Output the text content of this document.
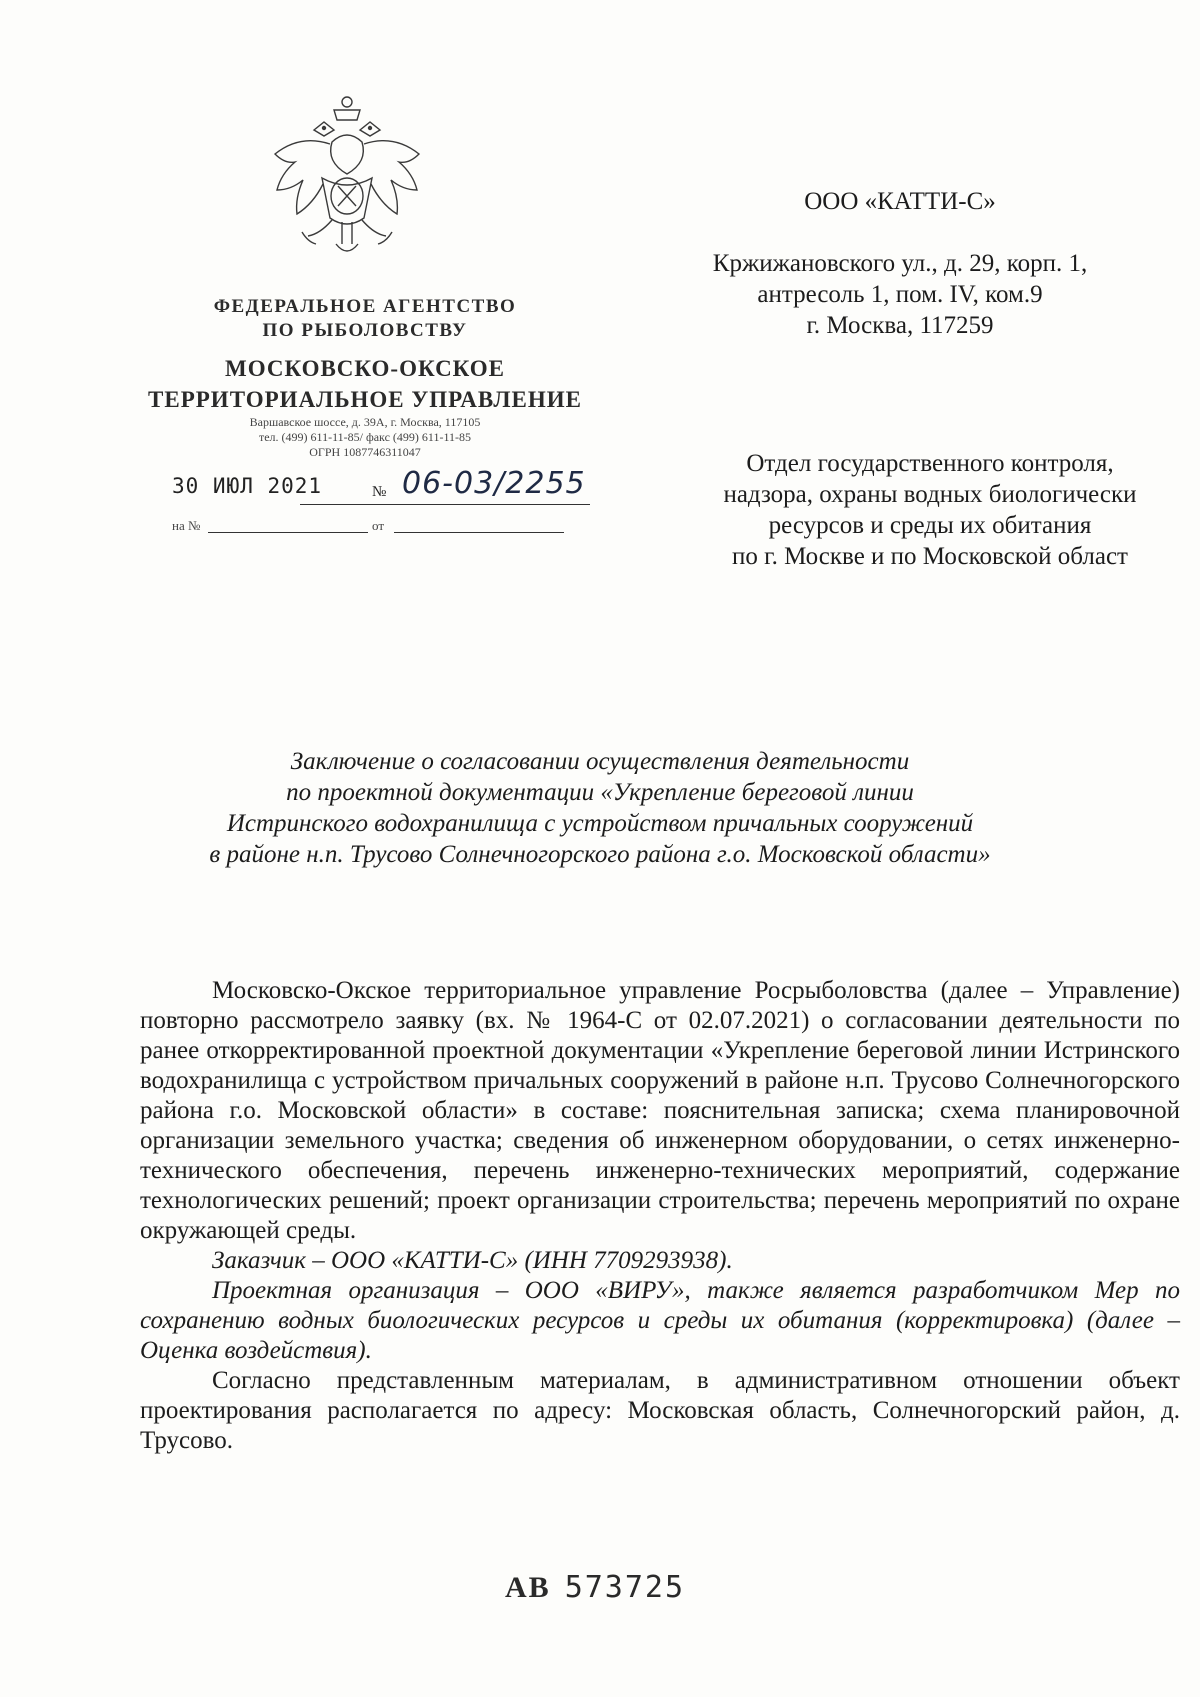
ФЕДЕРАЛЬНОЕ АГЕНТСТВО
ПО РЫБОЛОВСТВУ
МОСКОВСКО-ОКСКОЕ
ТЕРРИТОРИАЛЬНОЕ УПРАВЛЕНИЕ
Варшавское шоссе, д. 39А, г. Москва, 117105
тел. (499) 611-11-85/ факс (499) 611-11-85
ОГРН 1087746311047
30 ИЮЛ 2021	№ 06-03/2255
на №	от
ООО «КАТТИ-С»
Кржижановского ул., д. 29, корп. 1,
антресоль 1, пом. IV, ком.9
г. Москва, 117259
Отдел государственного контроля,
надзора, охраны водных биологически
ресурсов и среды их обитания
по г. Москве и по Московской област
Заключение о согласовании осуществления деятельности
по проектной документации «Укрепление береговой линии
Истринского водохранилища с устройством причальных сооружений
в районе н.п. Трусово Солнечногорского района г.о. Московской области»

Московско-Окское территориальное управление Росрыболовства (далее – Управление) повторно рассмотрело заявку (вх. № 1964-С от 02.07.2021) о согласовании деятельности по ранее откорректированной проектной документации «Укрепление береговой линии Истринского водохранилища с устройством причальных сооружений в районе н.п. Трусово Солнечногорского района г.о. Московской области» в составе: пояснительная записка; схема планировочной организации земельного участка; сведения об инженерном оборудовании, о сетях инженерно-технического обеспечения, перечень инженерно-технических мероприятий, содержание технологических решений; проект организации строительства; перечень мероприятий по охране окружающей среды.

Заказчик – ООО «КАТТИ-С» (ИНН 7709293938).

Проектная организация – ООО «ВИРУ», также является разработчиком Мер по сохранению водных биологических ресурсов и среды их обитания (корректировка) (далее – Оценка воздействия).

Согласно представленным материалам, в административном отношении объект проектирования располагается по адресу: Московская область, Солнечногорский район, д. Трусово.

АВ 573725
